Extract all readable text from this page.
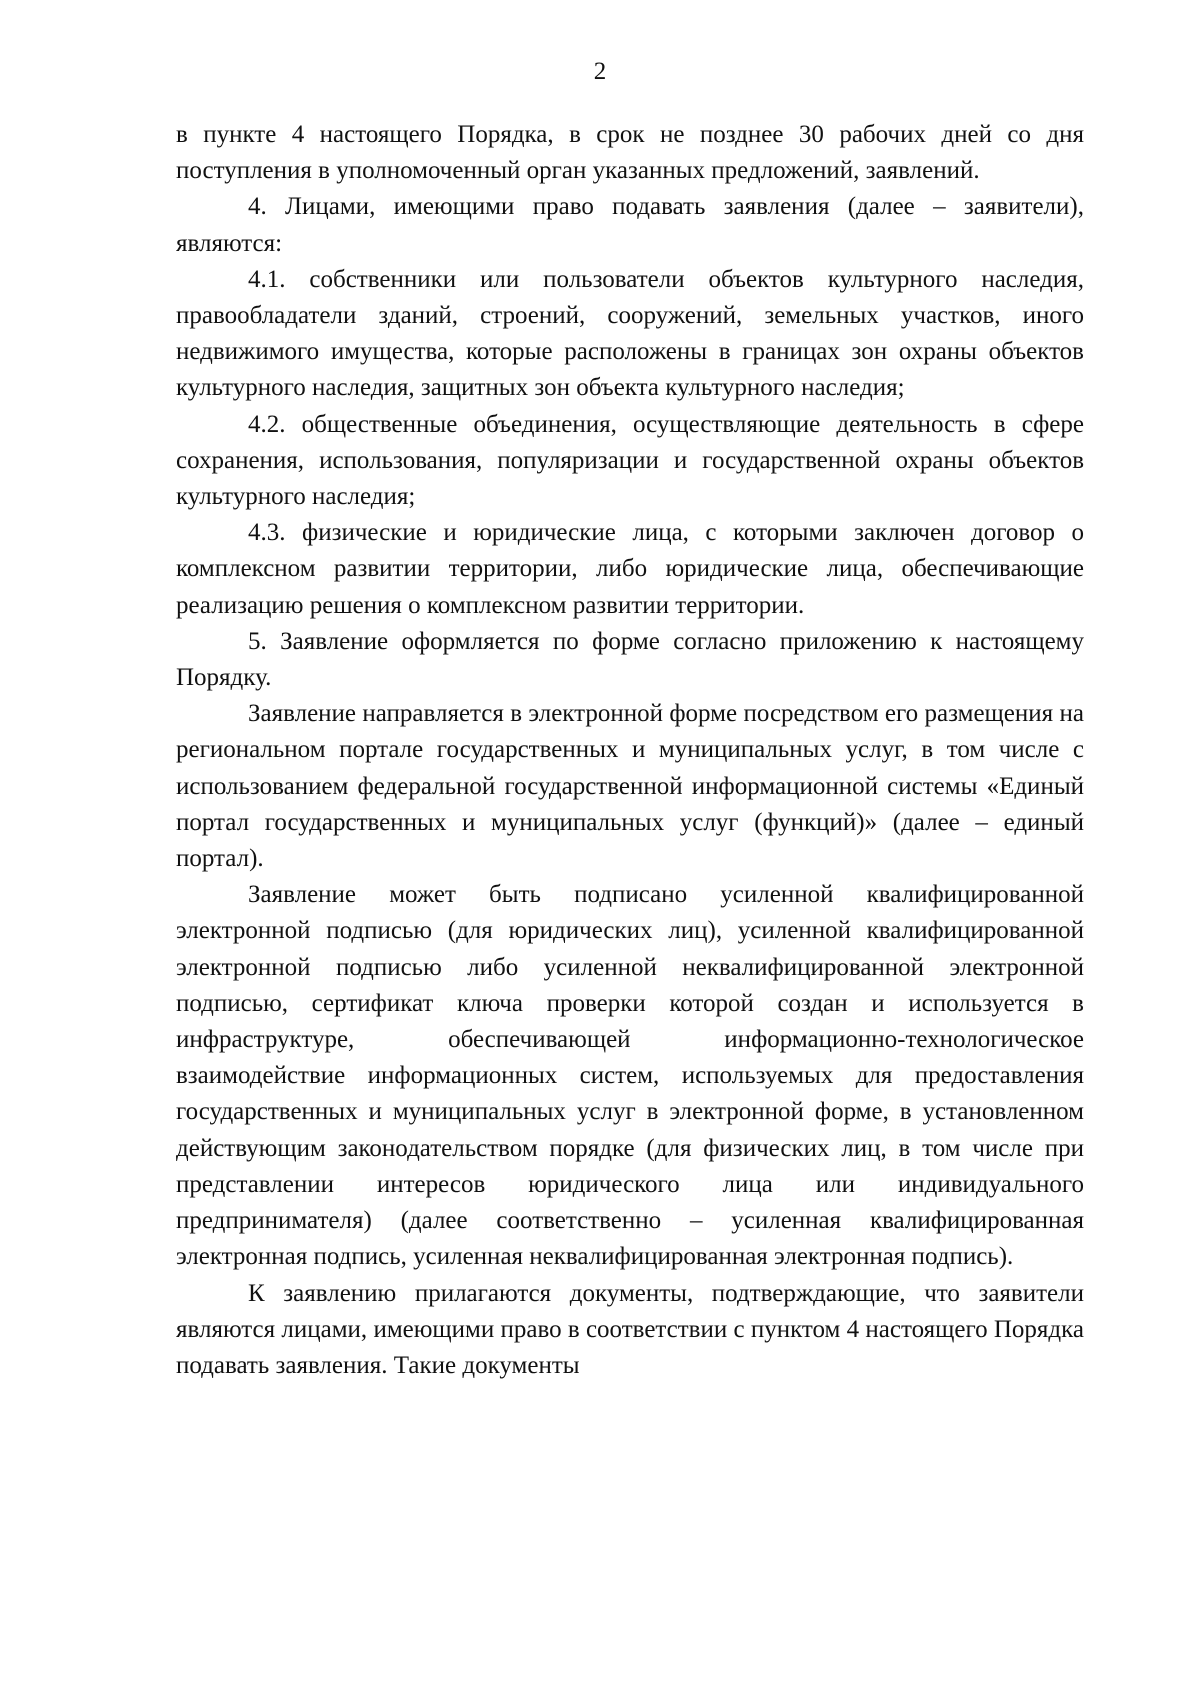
2

в пункте 4 настоящего Порядка, в срок не позднее 30 рабочих дней со дня поступления в уполномоченный орган указанных предложений, заявлений.

4. Лицами, имеющими право подавать заявления (далее – заявители), являются:

4.1. собственники или пользователи объектов культурного наследия, правообладатели зданий, строений, сооружений, земельных участков, иного недвижимого имущества, которые расположены в границах зон охраны объектов культурного наследия, защитных зон объекта культурного наследия;

4.2. общественные объединения, осуществляющие деятельность в сфере сохранения, использования, популяризации и государственной охраны объектов культурного наследия;

4.3. физические и юридические лица, с которыми заключен договор о комплексном развитии территории, либо юридические лица, обеспечивающие реализацию решения о комплексном развитии территории.

5. Заявление оформляется по форме согласно приложению к настоящему Порядку.

Заявление направляется в электронной форме посредством его размещения на региональном портале государственных и муниципальных услуг, в том числе с использованием федеральной государственной информационной системы «Единый портал государственных и муниципальных услуг (функций)» (далее – единый портал).

Заявление может быть подписано усиленной квалифицированной электронной подписью (для юридических лиц), усиленной квалифицированной электронной подписью либо усиленной неквалифицированной электронной подписью, сертификат ключа проверки которой создан и используется в инфраструктуре, обеспечивающей информационно-технологическое взаимодействие информационных систем, используемых для предоставления государственных и муниципальных услуг в электронной форме, в установленном действующим законодательством порядке (для физических лиц, в том числе при представлении интересов юридического лица или индивидуального предпринимателя) (далее соответственно – усиленная квалифицированная электронная подпись, усиленная неквалифицированная электронная подпись).

К заявлению прилагаются документы, подтверждающие, что заявители являются лицами, имеющими право в соответствии с пунктом 4 настоящего Порядка подавать заявления. Такие документы
